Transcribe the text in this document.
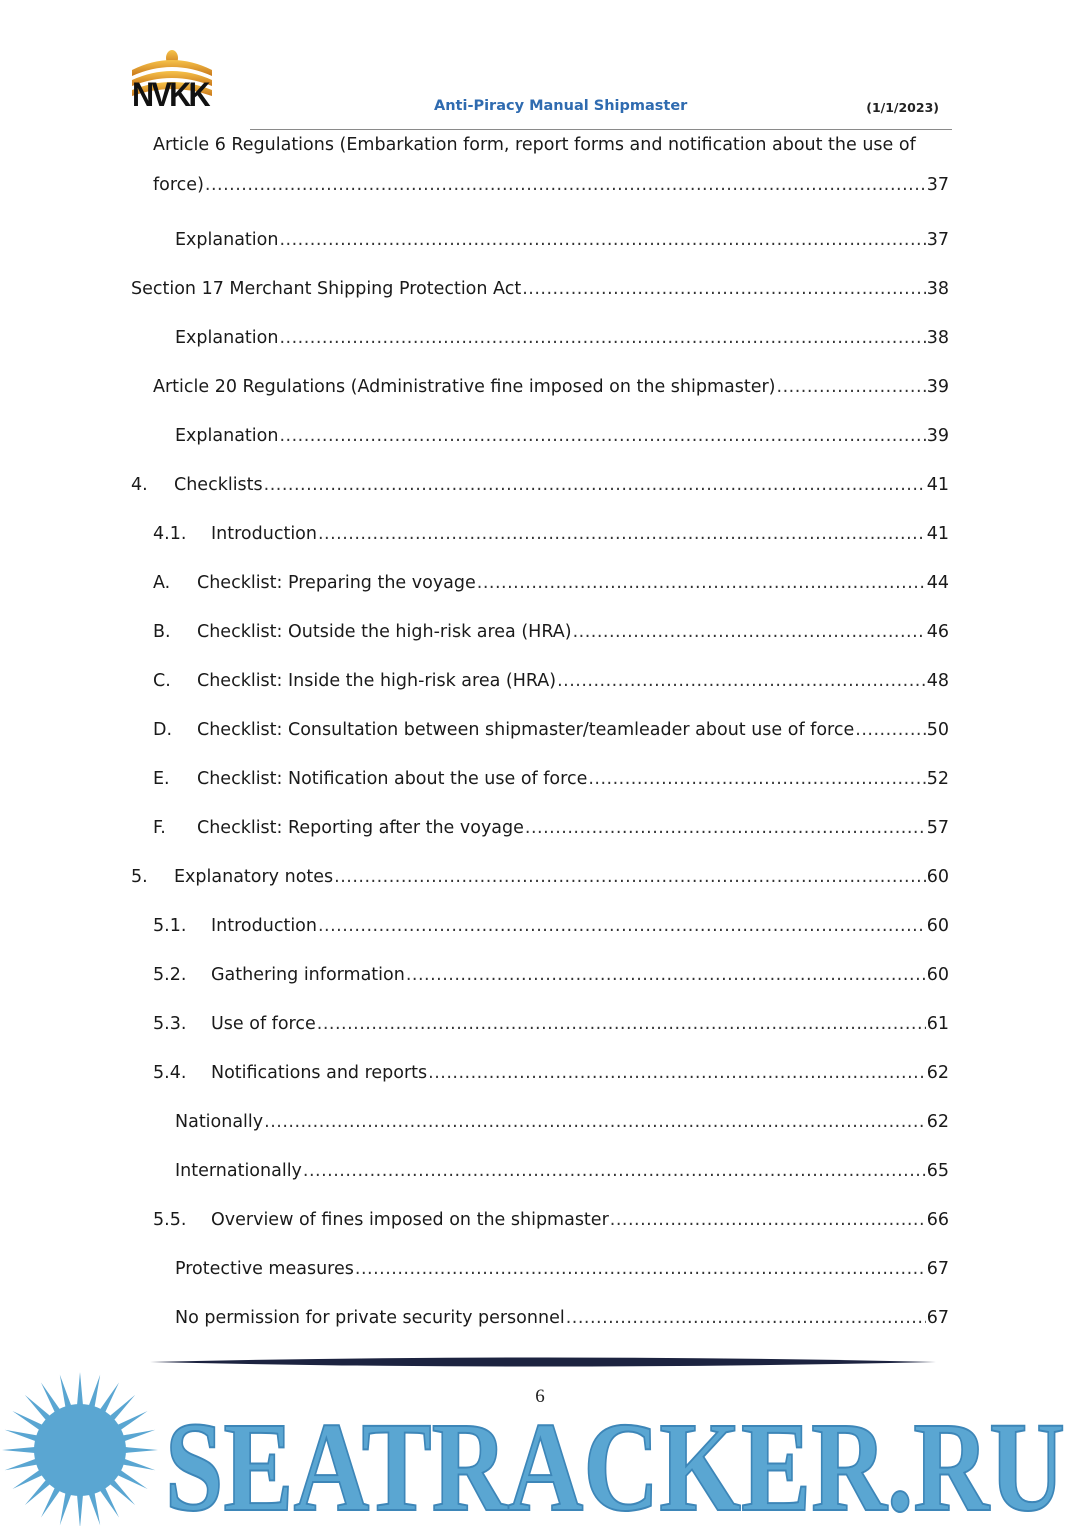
NVKK	Anti-Piracy Manual Shipmaster	(1/1/2023)
Article 6 Regulations (Embarkation form, report forms and notification about the use of
force) .....	37
Explanation .....	37
Section 17 Merchant Shipping Protection Act .....	38
Explanation .....	38
Article 20 Regulations (Administrative fine imposed on the shipmaster) .....	39
Explanation .....	39
4.	Checklists .....	41
4.1.	Introduction .....	41
A.	Checklist: Preparing the voyage .....	44
B.	Checklist: Outside the high-risk area (HRA) .....	46
C.	Checklist: Inside the high-risk area (HRA) .....	48
D.	Checklist: Consultation between shipmaster/teamleader about use of force .....	50
E.	Checklist: Notification about the use of force .....	52
F.	Checklist: Reporting after the voyage .....	57
5.	Explanatory notes .....	60
5.1.	Introduction .....	60
5.2.	Gathering information .....	60
5.3.	Use of force .....	61
5.4.	Notifications and reports .....	62
Nationally .....	62
Internationally .....	65
5.5.	Overview of fines imposed on the shipmaster .....	66
Protective measures .....	67
No permission for private security personnel .....	67
6
SEATRACKER.RU
